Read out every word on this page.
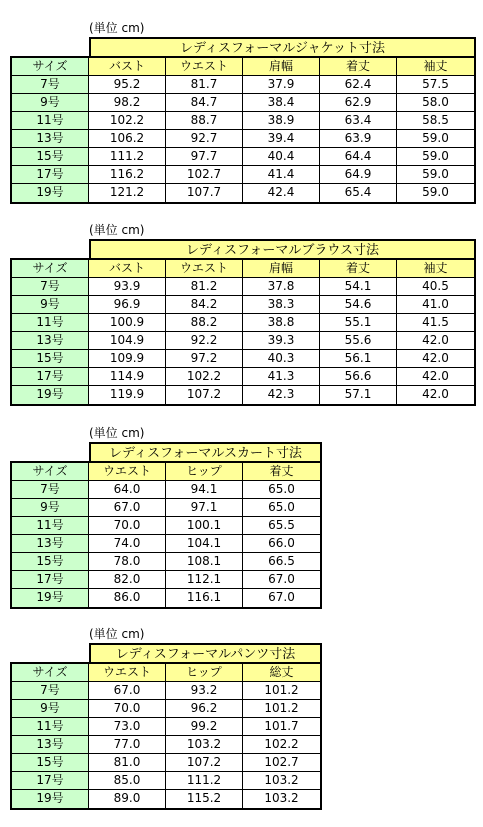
(単位 cm)
(単位 cm)
(単位 cm)
(単位 cm)
レディスフォーマルジャケット寸法
サイズ	バスト	ウエスト	肩幅	着丈	袖丈
7号	95.2	81.7	37.9	62.4	57.5
9号	98.2	84.7	38.4	62.9	58.0
11号	102.2	88.7	38.9	63.4	58.5
13号	106.2	92.7	39.4	63.9	59.0
15号	111.2	97.7	40.4	64.4	59.0
17号	116.2	102.7	41.4	64.9	59.0
19号	121.2	107.7	42.4	65.4	59.0
レディスフォーマルブラウス寸法
サイズ	バスト	ウエスト	肩幅	着丈	袖丈
7号	93.9	81.2	37.8	54.1	40.5
9号	96.9	84.2	38.3	54.6	41.0
11号	100.9	88.2	38.8	55.1	41.5
13号	104.9	92.2	39.3	55.6	42.0
15号	109.9	97.2	40.3	56.1	42.0
17号	114.9	102.2	41.3	56.6	42.0
19号	119.9	107.2	42.3	57.1	42.0
レディスフォーマルスカート寸法
サイズ	ウエスト	ヒップ	着丈
7号	64.0	94.1	65.0
9号	67.0	97.1	65.0
11号	70.0	100.1	65.5
13号	74.0	104.1	66.0
15号	78.0	108.1	66.5
17号	82.0	112.1	67.0
19号	86.0	116.1	67.0
レディスフォーマルパンツ寸法
サイズ	ウエスト	ヒップ	総丈
7号	67.0	93.2	101.2
9号	70.0	96.2	101.2
11号	73.0	99.2	101.7
13号	77.0	103.2	102.2
15号	81.0	107.2	102.7
17号	85.0	111.2	103.2
19号	89.0	115.2	103.2
